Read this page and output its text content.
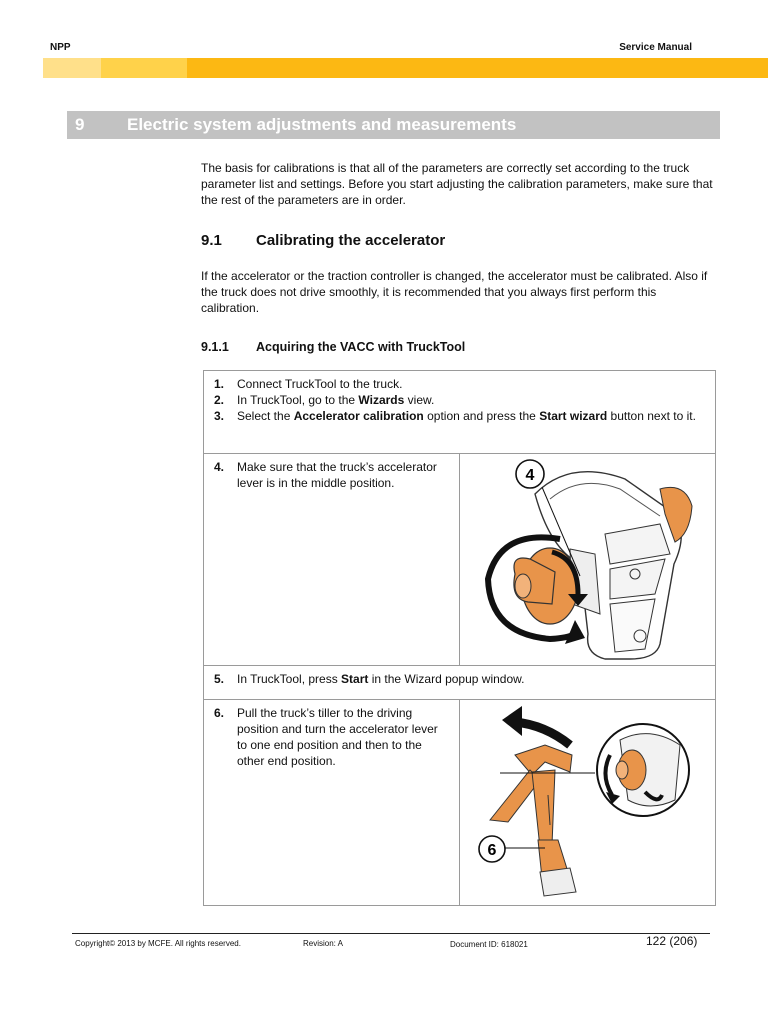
NPP	Service Manual
9	Electric system adjustments and measurements

The basis for calibrations is that all of the parameters are correctly set according to the truck parameter list and settings. Before you start adjusting the calibration parameters, make sure that the rest of the parameters are in order.

9.1	Calibrating the accelerator

If the accelerator or the traction controller is changed, the accelerator must be calibrated. Also if the truck does not drive smoothly, it is recommended that you always first perform this calibration.

9.1.1	Acquiring the VACC with TruckTool
1.	Connect TruckTool to the truck.
2.	In TruckTool, go to the Wizards view.
3.	Select the Accelerator calibration option and press the Start wizard button next to it.
4.	Make sure that the truck’s accelerator lever is in the middle position.	4
5.	In TruckTool, press Start in the Wizard popup window.
6.	Pull the truck’s tiller to the driving position and turn the accelerator lever to one end position and then to the other end position.
6
Copyright© 2013 by MCFE. All rights reserved.	Revision: A	Document ID: 618021	122 (206)
